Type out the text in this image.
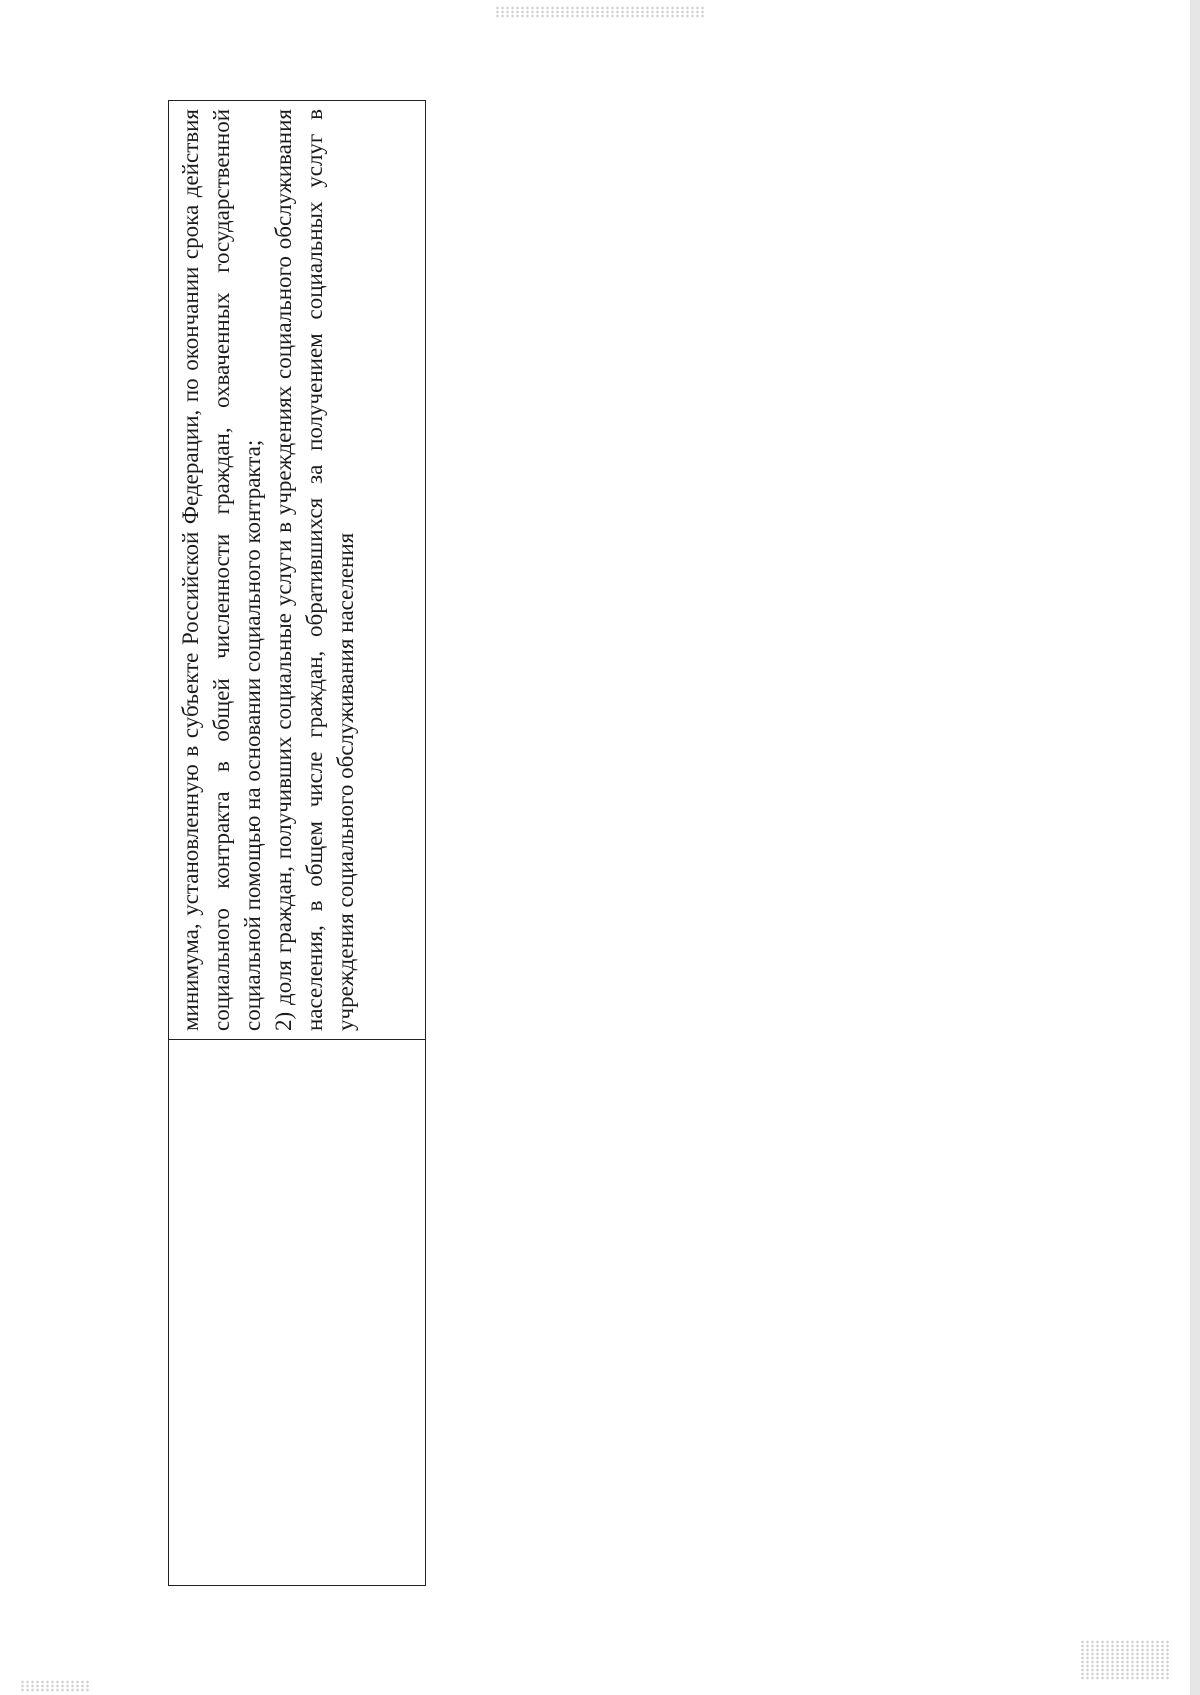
минимума, установленную в субъекте Российской Федерации, по окончании срока действия социального контракта в общей численности граждан, охваченных государственной социальной помощью на основании социального контракта; 2) доля граждан, получивших социальные услуги в учреждениях социального обслуживания населения, в общем числе граждан, обратившихся за получением социальных услуг в учреждения социального обслуживания населения
